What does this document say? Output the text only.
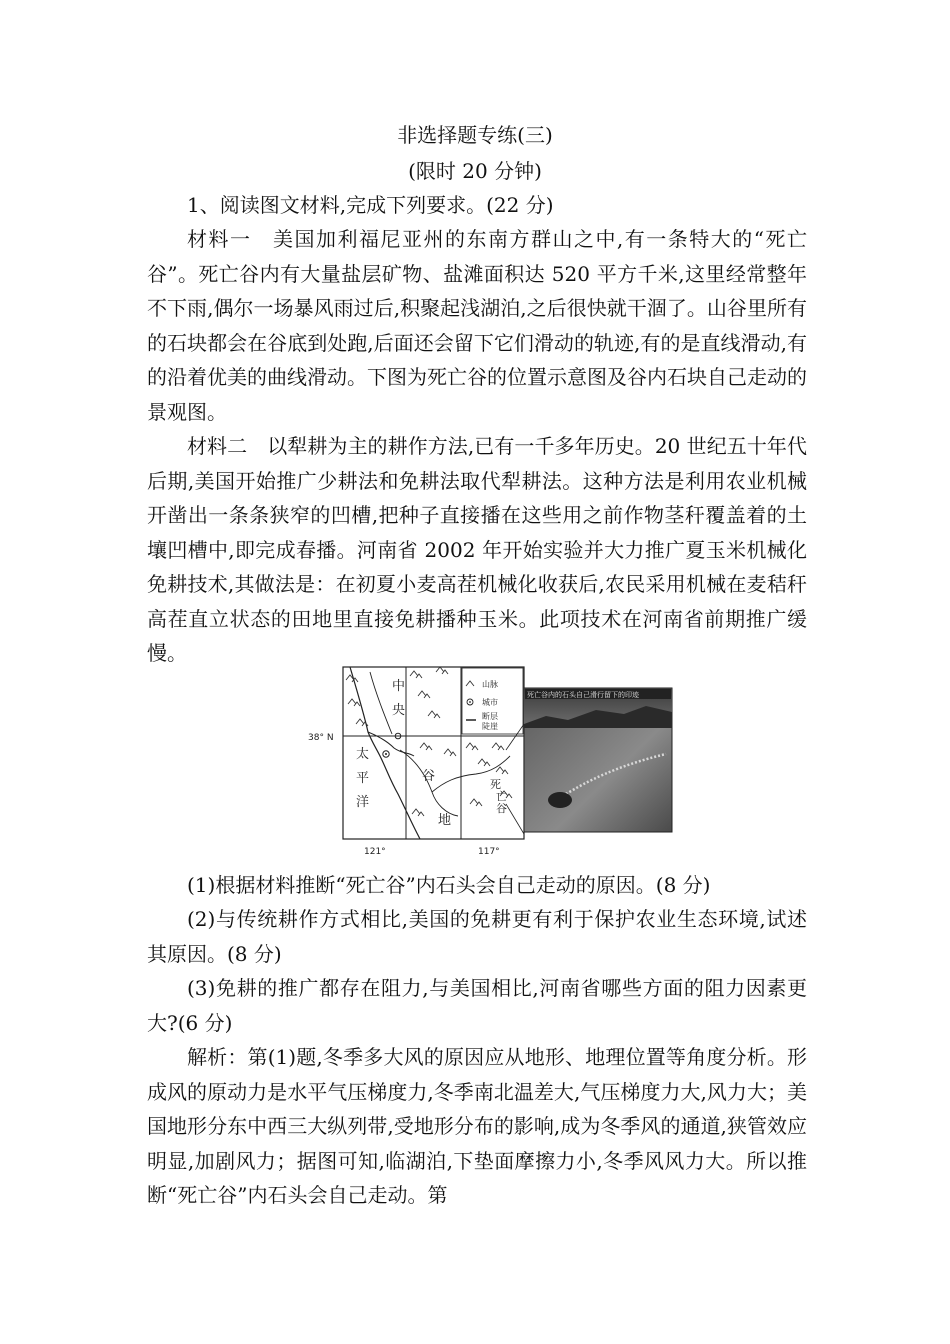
非选择题专练(三)
(限时 20 分钟)
1、阅读图文材料,完成下列要求。(22 分)
材料一　美国加利福尼亚州的东南方群山之中,有一条特大的“死亡谷”。死亡谷内有大量盐层矿物、盐滩面积达 520 平方千米,这里经常整年不下雨,偶尔一场暴风雨过后,积聚起浅湖泊,之后很快就干涸了。山谷里所有的石块都会在谷底到处跑,后面还会留下它们滑动的轨迹,有的是直线滑动,有的沿着优美的曲线滑动。下图为死亡谷的位置示意图及谷内石块自己走动的景观图。
材料二　以犁耕为主的耕作方法,已有一千多年历史。20 世纪五十年代后期,美国开始推广少耕法和免耕法取代犁耕法。这种方法是利用农业机械开凿出一条条狭窄的凹槽,把种子直接播在这些用之前作物茎秆覆盖着的土壤凹槽中,即完成春播。河南省 2002 年开始实验并大力推广夏玉米机械化免耕技术,其做法是：在初夏小麦高茬机械化收获后,农民采用机械在麦秸秆高茬直立状态的田地里直接免耕播种玉米。此项技术在河南省前期推广缓慢。
38° N
121°	117°
太
平
洋
中
央
谷
地
死
亡
谷
山脉
城市
断层
陡崖
死亡谷内的石头自己滑行留下的印迹
(1)根据材料推断“死亡谷”内石头会自己走动的原因。(8 分)
(2)与传统耕作方式相比,美国的免耕更有利于保护农业生态环境,试述其原因。(8 分)
(3)免耕的推广都存在阻力,与美国相比,河南省哪些方面的阻力因素更大?(6 分)
解析：第(1)题,冬季多大风的原因应从地形、地理位置等角度分析。形成风的原动力是水平气压梯度力,冬季南北温差大,气压梯度力大,风力大；美国地形分东中西三大纵列带,受地形分布的影响,成为冬季风的通道,狭管效应明显,加剧风力；据图可知,临湖泊,下垫面摩擦力小,冬季风风力大。所以推断“死亡谷”内石头会自己走动。第
